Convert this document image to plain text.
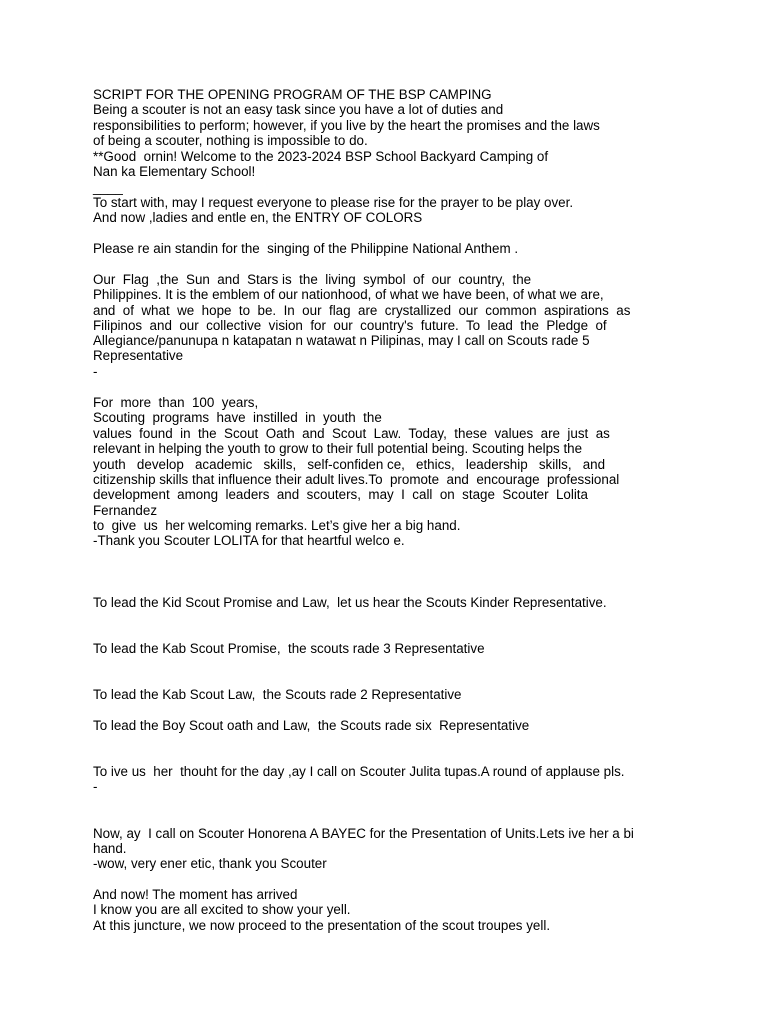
SCRIPT FOR THE OPENING PROGRAM OF THE BSP CAMPING

Being a scouter is not an easy task since you have a lot of duties and

responsibilities to perform; however, if you live by the heart the promises and the laws

of being a scouter, nothing is impossible to do.

**Good  ornin! Welcome to the 2023-2024 BSP School Backyard Camping of

Nan ka Elementary School!

____

To start with, may I request everyone to please rise for the prayer to be play over.

And now ,ladies and entle en, the ENTRY OF COLORS

Please re ain standin for the  singing of the Philippine National Anthem .

Our  Flag  ,the  Sun  and  Stars is  the  living  symbol  of  our  country,  the

Philippines. It is the emblem of our nationhood, of what we have been, of what we are,

and  of  what  we  hope  to  be.  In  our  flag  are  crystallized  our  common  aspirations  as

Filipinos  and  our  collective  vision  for  our  country's  future.  To  lead  the  Pledge  of

Allegiance/panunupa n katapatan n watawat n Pilipinas, may I call on Scouts rade 5

Representative

-

For  more  than  100  years,

Scouting  programs  have  instilled  in  youth  the

values  found  in  the  Scout  Oath  and  Scout  Law.  Today,  these  values  are  just  as

relevant in helping the youth to grow to their full potential being. Scouting helps the

youth   develop   academic   skills,   self-confiden ce,   ethics,   leadership   skills,   and

citizenship skills that influence their adult lives.To  promote  and  encourage  professional

development  among  leaders  and  scouters,  may  I  call  on  stage  Scouter  Lolita

Fernandez

to  give  us  her welcoming remarks. Let’s give her a big hand.

-Thank you Scouter LOLITA for that heartful welco e.

To lead the Kid Scout Promise and Law,  let us hear the Scouts Kinder Representative.

To lead the Kab Scout Promise,  the scouts rade 3 Representative

To lead the Kab Scout Law,  the Scouts rade 2 Representative

To lead the Boy Scout oath and Law,  the Scouts rade six  Representative

To ive us  her  thouht for the day ,ay I call on Scouter Julita tupas.A round of applause pls.

-

Now, ay  I call on Scouter Honorena A BAYEC for the Presentation of Units.Lets ive her a bi

hand.

-wow, very ener etic, thank you Scouter

And now! The moment has arrived

I know you are all excited to show your yell.

At this juncture, we now proceed to the presentation of the scout troupes yell.
